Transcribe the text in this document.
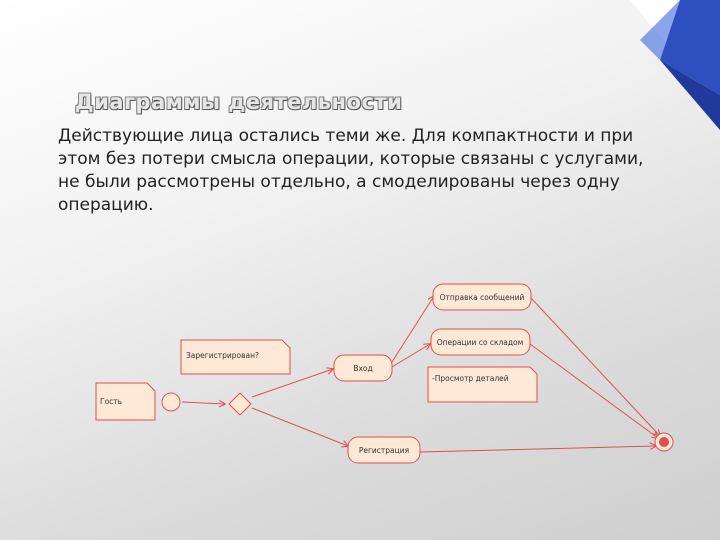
Диаграммы деятельности

Действующие лица остались теми же. Для компактности и при этом без потери смысла операции, которые связаны с услугами, не были рассмотрены отдельно, а смоделированы через одну операцию.

Гость
Зарегистрирован?
Вход
Регистрация
Отправка сообщений
Операции со складом
-Просмотр деталей
